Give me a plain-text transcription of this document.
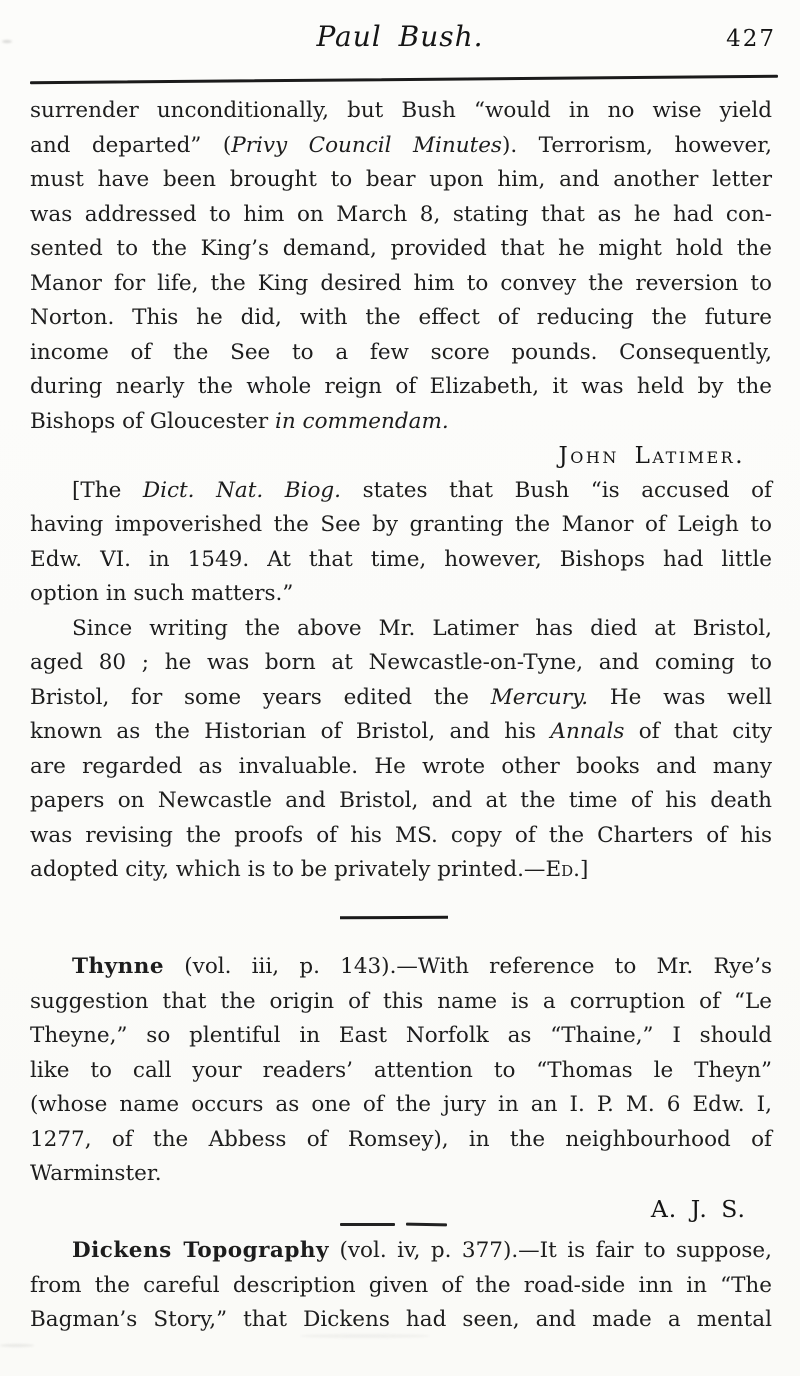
Paul Bush.	427
surrender unconditionally, but Bush “would in no wise yield
and departed” (Privy Council Minutes). Terrorism, however,
must have been brought to bear upon him, and another letter
was addressed to him on March 8, stating that as he had con-
sented to the King’s demand, provided that he might hold the
Manor for life, the King desired him to convey the reversion to
Norton. This he did, with the effect of reducing the future
income of the See to a few score pounds. Consequently,
during nearly the whole reign of Elizabeth, it was held by the
Bishops of Gloucester in commendam.
John Latimer.
[The Dict. Nat. Biog. states that Bush “is accused of
having impoverished the See by granting the Manor of Leigh to
Edw. VI. in 1549. At that time, however, Bishops had little
option in such matters.”
Since writing the above Mr. Latimer has died at Bristol,
aged 80 ; he was born at Newcastle-on-Tyne, and coming to
Bristol, for some years edited the Mercury. He was well
known as the Historian of Bristol, and his Annals of that city
are regarded as invaluable. He wrote other books and many
papers on Newcastle and Bristol, and at the time of his death
was revising the proofs of his MS. copy of the Charters of his
adopted city, which is to be privately printed.—Ed.]
Thynne (vol. iii, p. 143).—With reference to Mr. Rye’s
suggestion that the origin of this name is a corruption of “Le
Theyne,” so plentiful in East Norfolk as “Thaine,” I should
like to call your readers’ attention to “Thomas le Theyn”
(whose name occurs as one of the jury in an I. P. M. 6 Edw. I,
1277, of the Abbess of Romsey), in the neighbourhood of
Warminster.
A. J. S.
Dickens Topography (vol. iv, p. 377).—It is fair to suppose,
from the careful description given of the road-side inn in “The
Bagman’s Story,” that Dickens had seen, and made a mental
